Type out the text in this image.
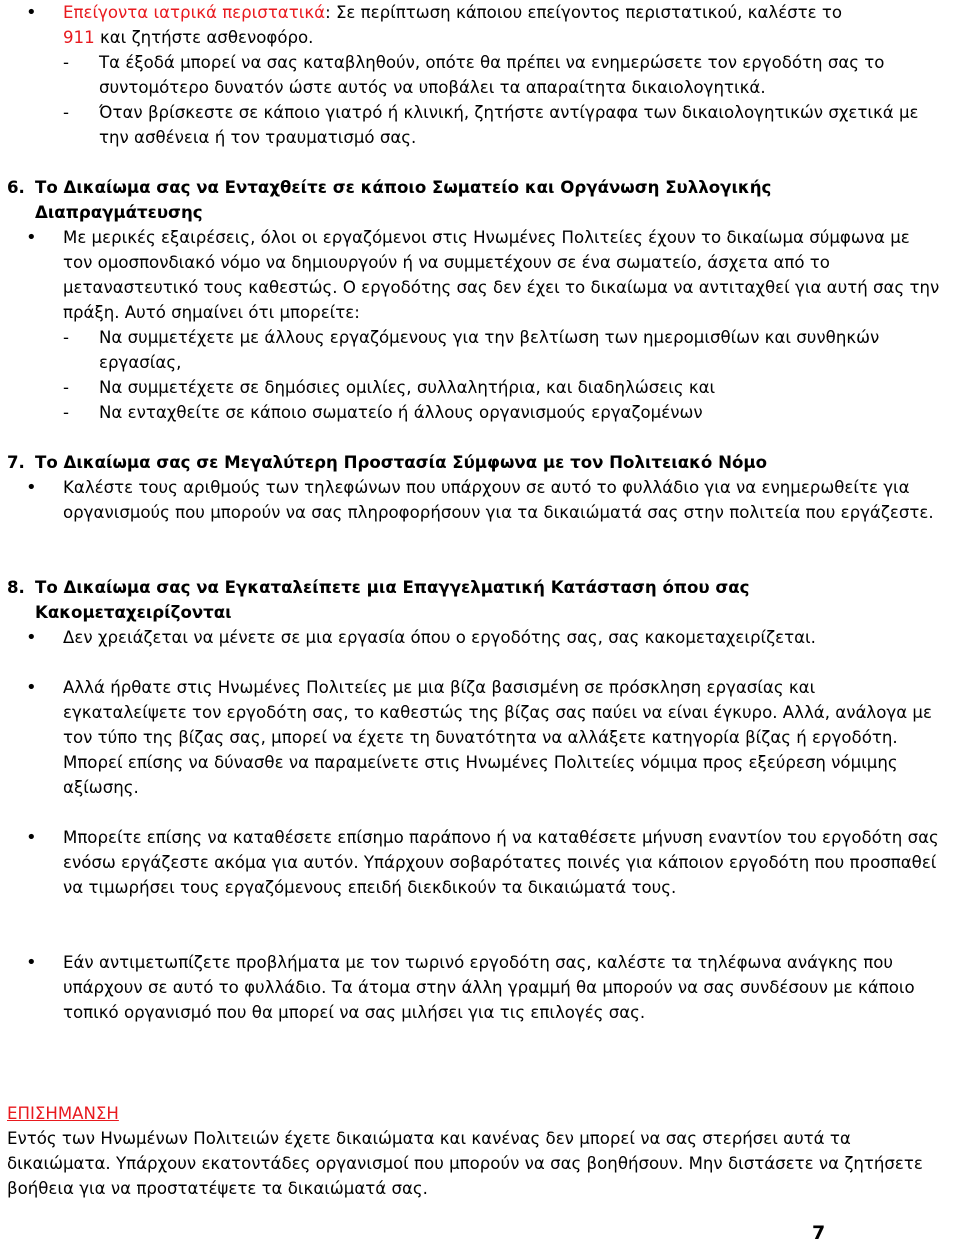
• Επείγοντα ιατρικά περιστατικά: Σε περίπτωση κάποιου επείγοντος περιστατικού, καλέστε το
911 και ζητήστε ασθενοφόρο.
- Τα έξοδά μπορεί να σας καταβληθούν, οπότε θα πρέπει να ενημερώσετε τον εργοδότη σας το συντομότερο δυνατόν ώστε αυτός να υποβάλει τα απαραίτητα δικαιολογητικά.
- Όταν βρίσκεστε σε κάποιο γιατρό ή κλινική, ζητήστε αντίγραφα των δικαιολογητικών σχετικά με την ασθένεια ή τον τραυματισμό σας.
6. Το Δικαίωμα σας να Ενταχθείτε σε κάποιο Σωματείο και Οργάνωση Συλλογικής Διαπραγμάτευσης
• Με μερικές εξαιρέσεις, όλοι οι εργαζόμενοι στις Ηνωμένες Πολιτείες έχουν το δικαίωμα σύμφωνα με τον ομοσπονδιακό νόμο να δημιουργούν ή να συμμετέχουν σε ένα σωματείο, άσχετα από το μεταναστευτικό τους καθεστώς. Ο εργοδότης σας δεν έχει το δικαίωμα να αντιταχθεί για αυτή σας την πράξη. Αυτό σημαίνει ότι μπορείτε:
- Να συμμετέχετε με άλλους εργαζόμενους για την βελτίωση των ημερομισθίων και συνθηκών εργασίας,
- Να συμμετέχετε σε δημόσιες ομιλίες, συλλαλητήρια, και διαδηλώσεις και
- Να ενταχθείτε σε κάποιο σωματείο ή άλλους οργανισμούς εργαζομένων
7. Το Δικαίωμα σας σε Μεγαλύτερη Προστασία Σύμφωνα με τον Πολιτειακό Νόμο
• Καλέστε τους αριθμούς των τηλεφώνων που υπάρχουν σε αυτό το φυλλάδιο για να ενημερωθείτε για οργανισμούς που μπορούν να σας πληροφορήσουν για τα δικαιώματά σας στην πολιτεία που εργάζεστε.
8. Το Δικαίωμα σας να Εγκαταλείπετε μια Επαγγελματική Κατάσταση όπου σας Κακομεταχειρίζονται
• Δεν χρειάζεται να μένετε σε μια εργασία όπου ο εργοδότης σας, σας κακομεταχειρίζεται.
• Αλλά ήρθατε στις Ηνωμένες Πολιτείες με μια βίζα βασισμένη σε πρόσκληση εργασίας και εγκαταλείψετε τον εργοδότη σας, το καθεστώς της βίζας σας παύει να είναι έγκυρο. Αλλά, ανάλογα με τον τύπο της βίζας σας, μπορεί να έχετε τη δυνατότητα να αλλάξετε κατηγορία βίζας ή εργοδότη. Μπορεί επίσης να δύνασθε να παραμείνετε στις Ηνωμένες Πολιτείες νόμιμα προς εξεύρεση νόμιμης αξίωσης.
• Μπορείτε επίσης να καταθέσετε επίσημο παράπονο ή να καταθέσετε μήνυση εναντίον του εργοδότη σας ενόσω εργάζεστε ακόμα για αυτόν. Υπάρχουν σοβαρότατες ποινές για κάποιον εργοδότη που προσπαθεί να τιμωρήσει τους εργαζόμενους επειδή διεκδικούν τα δικαιώματά τους.
• Εάν αντιμετωπίζετε προβλήματα με τον τωρινό εργοδότη σας, καλέστε τα τηλέφωνα ανάγκης που υπάρχουν σε αυτό το φυλλάδιο. Τα άτομα στην άλλη γραμμή θα μπορούν να σας συνδέσουν με κάποιο τοπικό οργανισμό που θα μπορεί να σας μιλήσει για τις επιλογές σας.
ΕΠΙΣΗΜΑΝΣΗ
Εντός των Ηνωμένων Πολιτειών έχετε δικαιώματα και κανένας δεν μπορεί να σας στερήσει αυτά τα δικαιώματα. Υπάρχουν εκατοντάδες οργανισμοί που μπορούν να σας βοηθήσουν. Μην διστάσετε να ζητήσετε βοήθεια για να προστατέψετε τα δικαιώματά σας.
7
